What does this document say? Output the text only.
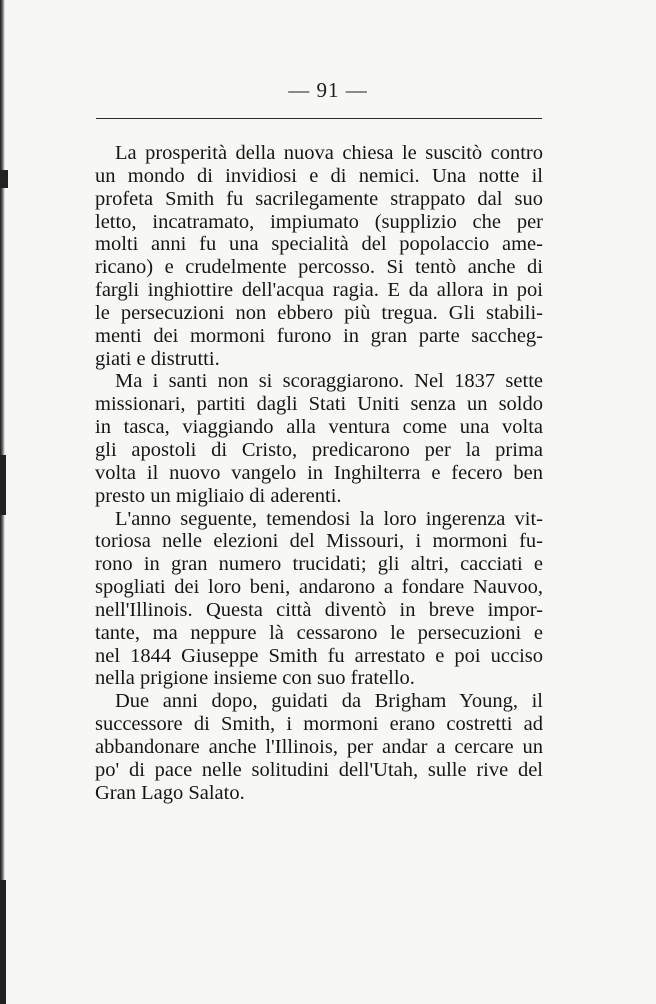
— 91 —
La prosperità della nuova chiesa le suscitò contro
un mondo di invidiosi e di nemici. Una notte il
profeta Smith fu sacrilegamente strappato dal suo
letto, incatramato, impiumato (supplizio che per
molti anni fu una specialità del popolaccio ame-
ricano) e crudelmente percosso. Si tentò anche di
fargli inghiottire dell'acqua ragia. E da allora in poi
le persecuzioni non ebbero più tregua. Gli stabili-
menti dei mormoni furono in gran parte saccheg-
giati e distrutti.
Ma i santi non si scoraggiarono. Nel 1837 sette
missionari, partiti dagli Stati Uniti senza un soldo
in tasca, viaggiando alla ventura come una volta
gli apostoli di Cristo, predicarono per la prima
volta il nuovo vangelo in Inghilterra e fecero ben
presto un migliaio di aderenti.
L'anno seguente, temendosi la loro ingerenza vit-
toriosa nelle elezioni del Missouri, i mormoni fu-
rono in gran numero trucidati; gli altri, cacciati e
spogliati dei loro beni, andarono a fondare Nauvoo,
nell'Illinois. Questa città diventò in breve impor-
tante, ma neppure là cessarono le persecuzioni e
nel 1844 Giuseppe Smith fu arrestato e poi ucciso
nella prigione insieme con suo fratello.
Due anni dopo, guidati da Brigham Young, il
successore di Smith, i mormoni erano costretti ad
abbandonare anche l'Illinois, per andar a cercare un
po' di pace nelle solitudini dell'Utah, sulle rive del
Gran Lago Salato.
